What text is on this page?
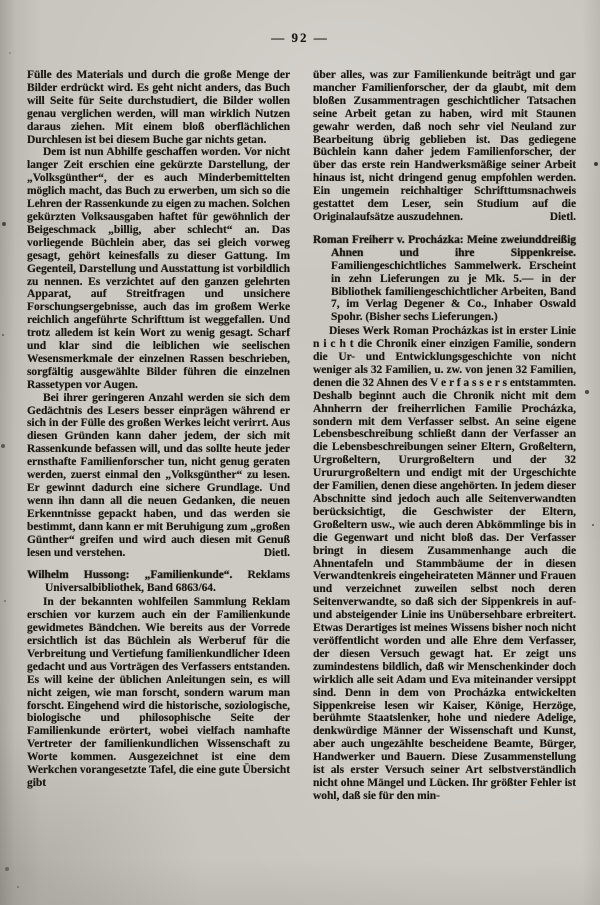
— 92 —

Fülle des Materials und durch die große Menge der Bilder erdrückt wird. Es geht nicht anders, das Buch will Seite für Seite durchstudiert, die Bilder wollen genau verglichen werden, will man wirklich Nutzen daraus ziehen. Mit einem bloß oberflächlichen Durchlesen ist bei diesem Buche gar nichts getan.

Dem ist nun Abhilfe geschaffen worden. Vor nicht langer Zeit erschien eine gekürzte Darstellung, der „Volksgünther“, der es auch Minderbemittelten möglich macht, das Buch zu erwerben, um sich so die Lehren der Rassenkunde zu eigen zu machen. Solchen gekürzten Volksausgaben haftet für gewöhnlich der Beigeschmack „billig, aber schlecht“ an. Das vorliegende Büchlein aber, das sei gleich vorweg gesagt, gehört keinesfalls zu dieser Gattung. Im Gegenteil, Darstellung und Ausstattung ist vorbildlich zu nennen. Es verzichtet auf den ganzen gelehrten Apparat, auf Streitfragen und unsichere Forschungsergebnisse, auch das im großem Werke reichlich angeführte Schrifttum ist weggefallen. Und trotz alledem ist kein Wort zu wenig gesagt. Scharf und klar sind die leiblichen wie seelischen Wesensmerkmale der einzelnen Rassen beschrieben, sorgfältig ausgewählte Bilder führen die einzelnen Rassetypen vor Augen.

Bei ihrer geringeren Anzahl werden sie sich dem Gedächtnis des Lesers besser einprägen während er sich in der Fülle des großen Werkes leicht verirrt. Aus diesen Gründen kann daher jedem, der sich mit Rassenkunde befassen will, und das sollte heute jeder ernsthafte Familienforscher tun, nicht genug geraten werden, zuerst einmal den „Volksgünther“ zu lesen. Er gewinnt dadurch eine sichere Grundlage. Und wenn ihn dann all die neuen Gedanken, die neuen Erkenntnisse gepackt haben, und das werden sie bestimmt, dann kann er mit Beruhigung zum „großen Günther“ greifen und wird auch diesen mit Genuß lesen und verstehen.	Dietl.

Wilhelm Hussong: „Familienkunde“. Reklams Universalbibliothek, Band 6863/64.

In der bekannten wohlfeilen Sammlung Reklam erschien vor kurzem auch ein der Familienkunde gewidmetes Bändchen. Wie bereits aus der Vorrede ersichtlich ist das Büchlein als Werberuf für die Verbreitung und Vertiefung familienkundlicher Ideen gedacht und aus Vorträgen des Verfassers entstanden. Es will keine der üblichen Anleitungen sein, es will nicht zeigen, wie man forscht, sondern warum man forscht. Eingehend wird die historische, soziologische, biologische und philosophische Seite der Familienkunde erörtert, wobei vielfach namhafte Vertreter der familienkundlichen Wissenschaft zu Worte kommen. Ausgezeichnet ist eine dem Werkchen vorangesetzte Tafel, die eine gute Übersicht gibt

über alles, was zur Familienkunde beiträgt und gar mancher Familienforscher, der da glaubt, mit dem bloßen Zusammentragen geschichtlicher Tatsachen seine Arbeit getan zu haben, wird mit Staunen gewahr werden, daß noch sehr viel Neuland zur Bearbeitung übrig geblieben ist. Das gediegene Büchlein kann daher jedem Familienforscher, der über das erste rein Handwerksmäßige seiner Arbeit hinaus ist, nicht dringend genug empfohlen werden. Ein ungemein reichhaltiger Schrifttumsnachweis gestattet dem Leser, sein Studium auf die Originalaufsätze auszudehnen.	Dietl.

Roman Freiherr v. Procházka: Meine zweiunddreißig Ahnen und ihre Sippenkreise. Familiengeschichtliches Sammelwerk. Erscheint in zehn Lieferungen zu je Mk. 5.— in der Bibliothek familiengeschichtlicher Arbeiten, Band 7, im Verlag Degener & Co., Inhaber Oswald Spohr. (Bisher sechs Lieferungen.)

Dieses Werk Roman Procházkas ist in erster Linie n i c h t die Chronik einer einzigen Familie, sondern die Ur- und Entwicklungsgeschichte von nicht weniger als 32 Familien, u. zw. von jenen 32 Familien, denen die 32 Ahnen des V e r f a s s e r s entstammten. Deshalb beginnt auch die Chronik nicht mit dem Ahnherrn der freiherrlichen Familie Procházka, sondern mit dem Verfasser selbst. An seine eigene Lebensbeschreibung schließt dann der Verfasser an die Lebensbeschreibungen seiner Eltern, Großeltern, Urgroßeltern, Ururgroßeltern und der 32 Urururgroßeltern und endigt mit der Urgeschichte der Familien, denen diese angehörten. In jedem dieser Abschnitte sind jedoch auch alle Seitenverwandten berücksichtigt, die Geschwister der Eltern, Großeltern usw., wie auch deren Abkömmlinge bis in die Gegenwart und nicht bloß das. Der Verfasser bringt in diesem Zusammenhange auch die Ahnentafeln und Stammbäume der in diesen Verwandtenkreis eingeheirateten Männer und Frauen und verzeichnet zuweilen selbst noch deren Seitenverwandte, so daß sich der Sippenkreis in auf- und absteigender Linie ins Unübersehbare erbreitert. Etwas Derartiges ist meines Wissens bisher noch nicht veröffentlicht worden und alle Ehre dem Verfasser, der diesen Versuch gewagt hat. Er zeigt uns zumindestens bildlich, daß wir Menschenkinder doch wirklich alle seit Adam und Eva miteinander versippt sind. Denn in dem von Procházka entwickelten Sippenkreise lesen wir Kaiser, Könige, Herzöge, berühmte Staatslenker, hohe und niedere Adelige, denkwürdige Männer der Wissenschaft und Kunst, aber auch ungezählte bescheidene Beamte, Bürger, Handwerker und Bauern. Diese Zusammenstellung ist als erster Versuch seiner Art selbstverständlich nicht ohne Mängel und Lücken. Ihr größter Fehler ist wohl, daß sie für den min-
